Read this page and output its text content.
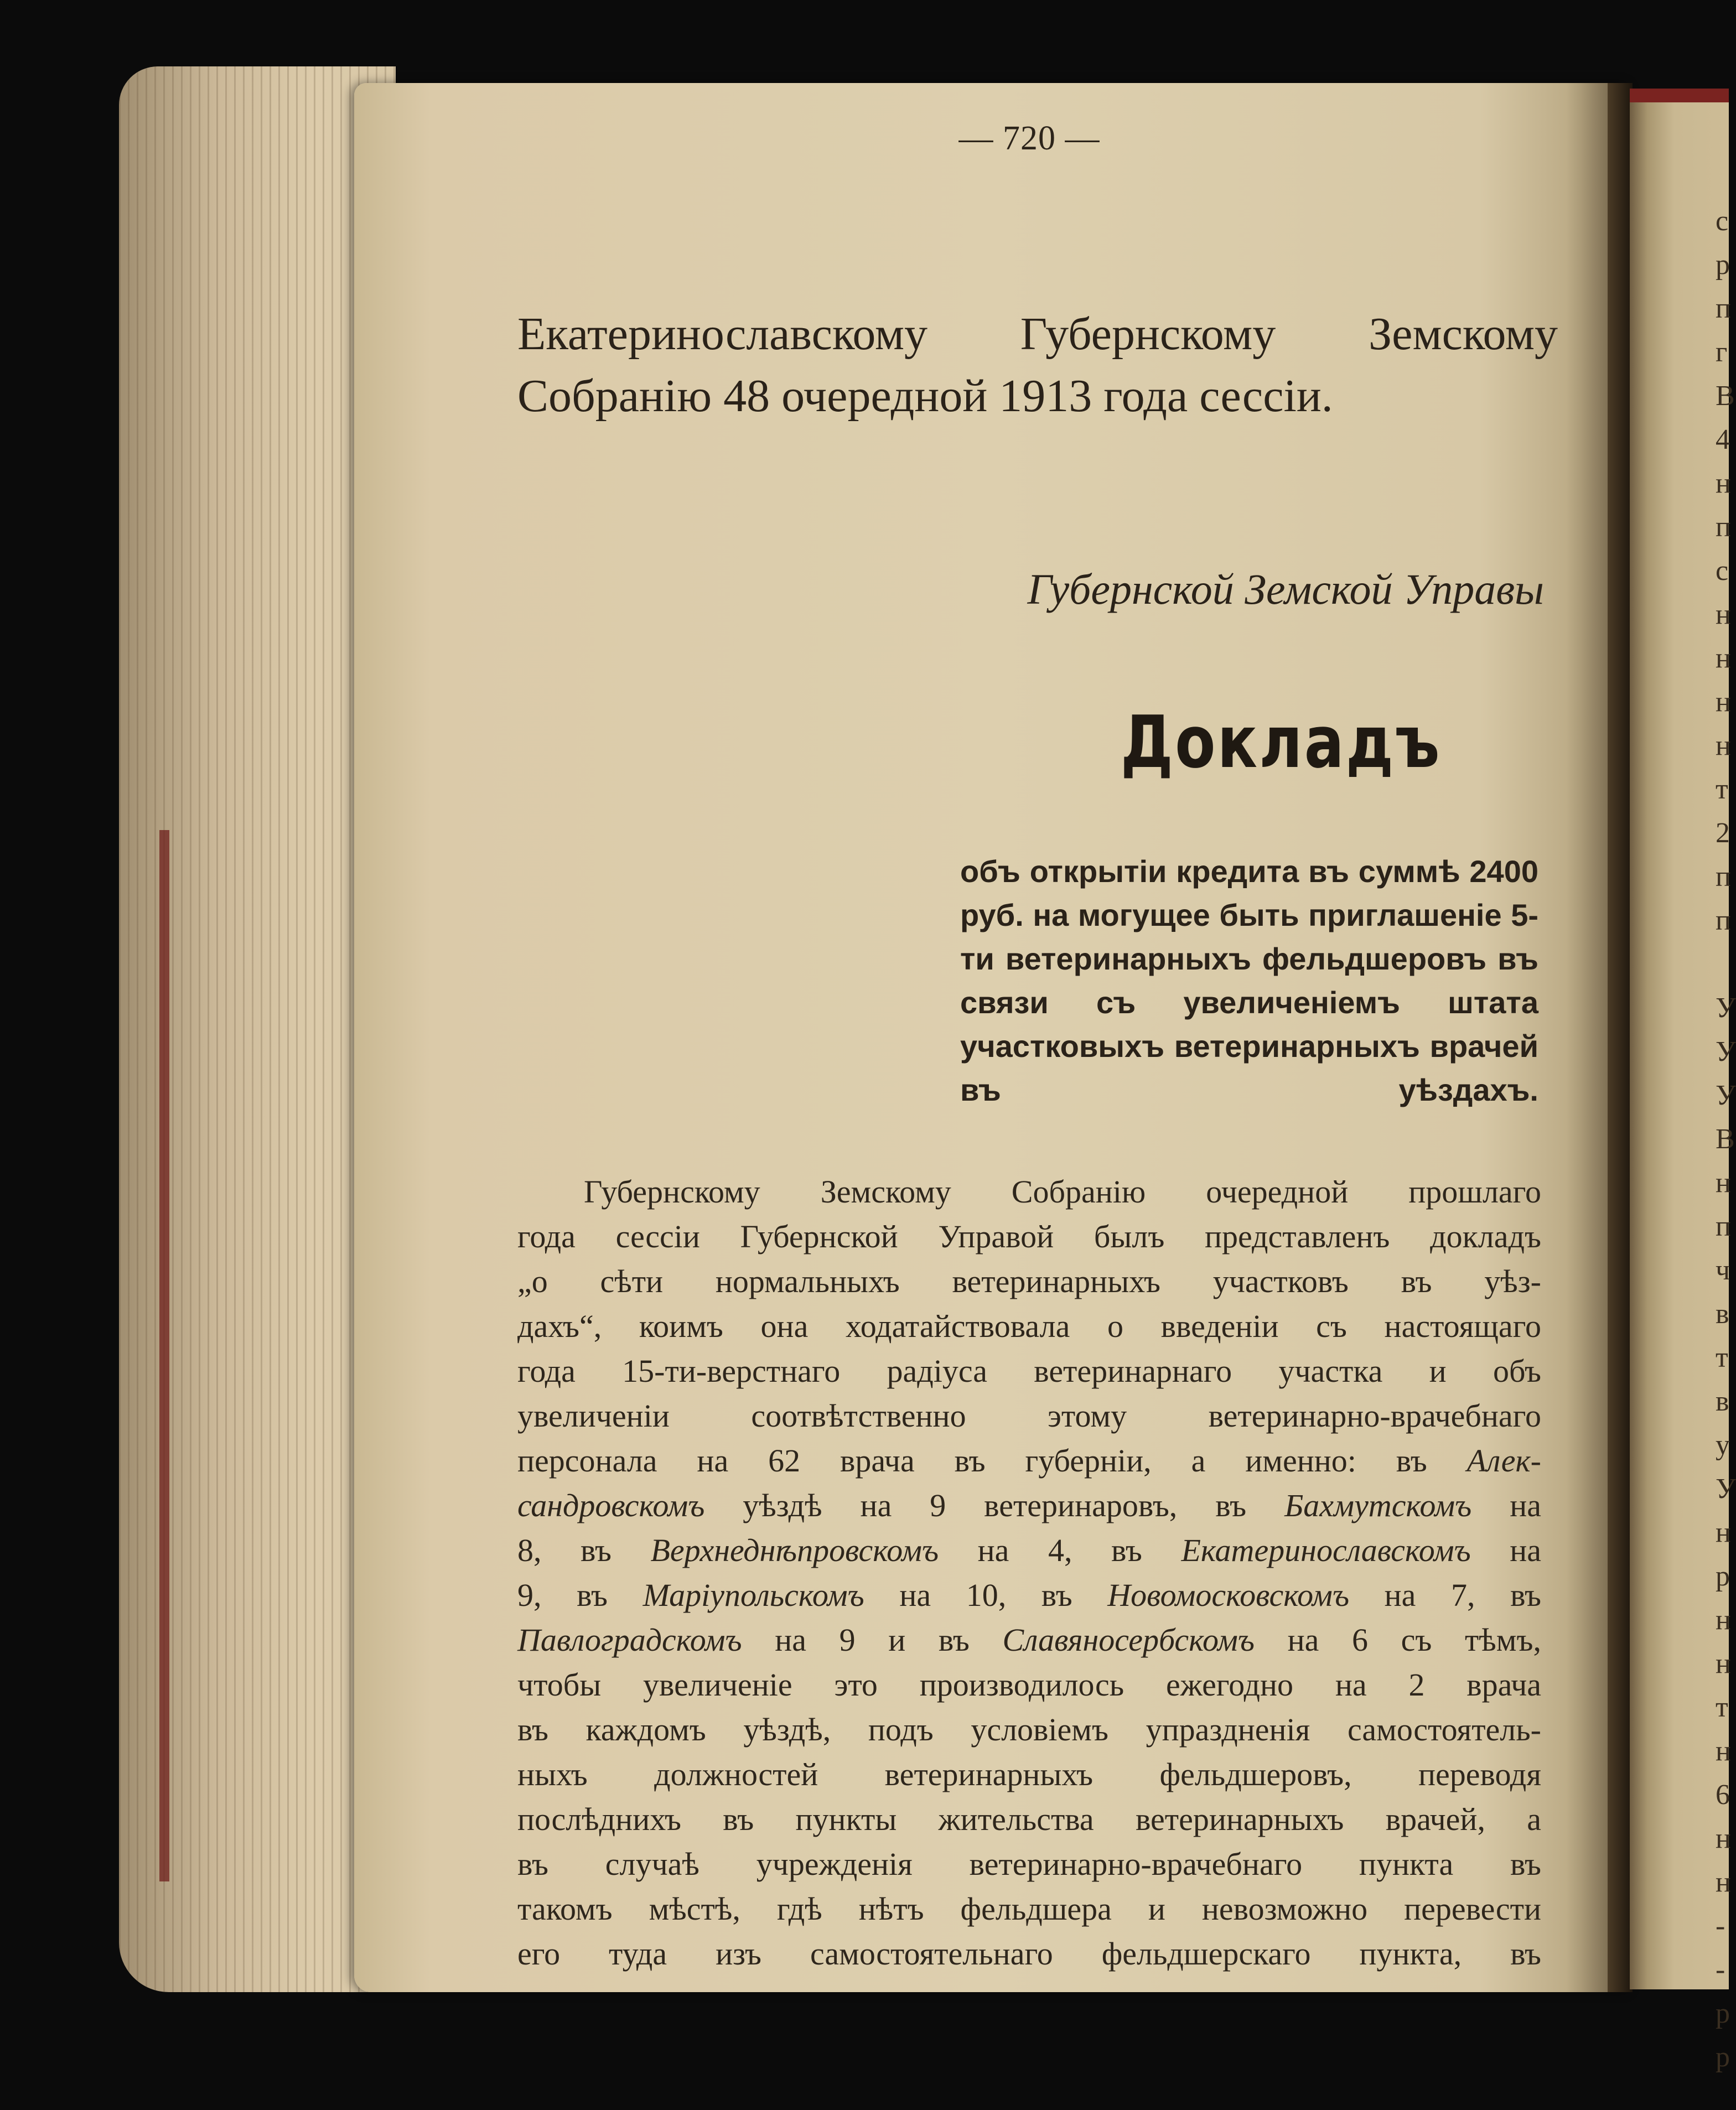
с
р
п
г
В
4
н
п
с
н
н
н
н
т
2
п
п

У
У
У
В
н
п
ч
в
т
в
у
У
н
р
н
н
т
н
6
н
н
-
-
р
р
— 720 —
Екатеринославскому Губернскому Земскому Собранію 48 очередной 1913 года сессіи.
Губернской Земской Управы
Докладъ
объ открытіи кредита въ суммѣ 2400 руб. на могущее быть приглашеніе 5-ти ветеринарныхъ фельдшеровъ въ связи съ увеличеніемъ штата участковыхъ ветеринарныхъ врачей въ уѣздахъ.
Губернскому Земскому Собранію очередной прошлаго
года сессіи Губернской Управой былъ представленъ докладъ
„о сѣти нормальныхъ ветеринарныхъ участковъ въ уѣз-
дахъ“, коимъ она ходатайствовала о введеніи съ настоящаго
года 15-ти-верстнаго радіуса ветеринарнаго участка и объ
увеличеніи соотвѣтственно этому ветеринарно-врачебнаго
персонала на 62 врача въ губерніи, а именно: въ Алек-
сандровскомъ уѣздѣ на 9 ветеринаровъ, въ Бахмутскомъ на
8, въ Верхнеднѣпровскомъ на 4, въ Екатеринославскомъ на
9, въ Маріупольскомъ на 10, въ Новомосковскомъ на 7, въ
Павлоградскомъ на 9 и въ Славяносербскомъ на 6 съ тѣмъ,
чтобы увеличеніе это производилось ежегодно на 2 врача
въ каждомъ уѣздѣ, подъ условіемъ упраздненія самостоятель-
ныхъ должностей ветеринарныхъ фельдшеровъ, переводя
послѣднихъ въ пункты жительства ветеринарныхъ врачей, а
въ случаѣ учрежденія ветеринарно-врачебнаго пункта въ
такомъ мѣстѣ, гдѣ нѣтъ фельдшера и невозможно перевести
его туда изъ самостоятельнаго фельдшерскаго пункта, въ
